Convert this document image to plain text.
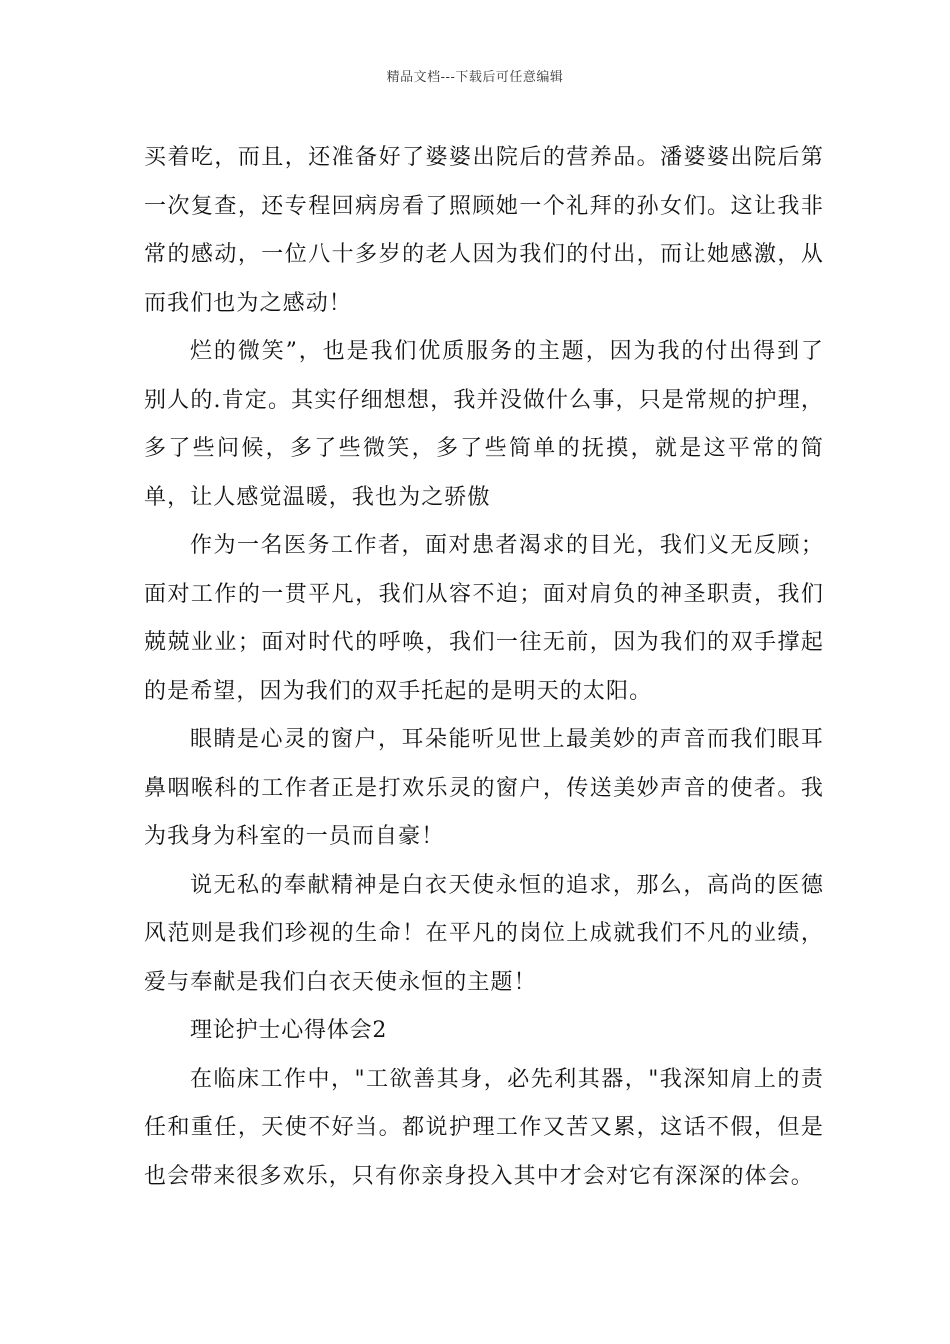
精品文档---下载后可任意编辑

买着吃，而且，还准备好了婆婆出院后的营养品。潘婆婆出院后第一次复查，还专程回病房看了照顾她一个礼拜的孙女们。这让我非常的感动，一位八十多岁的老人因为我们的付出，而让她感激，从而我们也为之感动！

烂的微笑”，也是我们优质服务的主题，因为我的付出得到了别人的.肯定。其实仔细想想，我并没做什么事，只是常规的护理，多了些问候，多了些微笑，多了些简单的抚摸，就是这平常的简单，让人感觉温暖，我也为之骄傲

作为一名医务工作者，面对患者渴求的目光，我们义无反顾；面对工作的一贯平凡，我们从容不迫；面对肩负的神圣职责，我们兢兢业业；面对时代的呼唤，我们一往无前，因为我们的双手撑起的是希望，因为我们的双手托起的是明天的太阳。

眼睛是心灵的窗户，耳朵能听见世上最美妙的声音而我们眼耳鼻咽喉科的工作者正是打欢乐灵的窗户，传送美妙声音的使者。我为我身为科室的一员而自豪！

说无私的奉献精神是白衣天使永恒的追求，那么，高尚的医德风范则是我们珍视的生命！在平凡的岗位上成就我们不凡的业绩，爱与奉献是我们白衣天使永恒的主题！

理论护士心得体会2

在临床工作中，"工欲善其身，必先利其器，"我深知肩上的责任和重任，天使不好当。都说护理工作又苦又累，这话不假，但是也会带来很多欢乐，只有你亲身投入其中才会对它有深深的体会。
